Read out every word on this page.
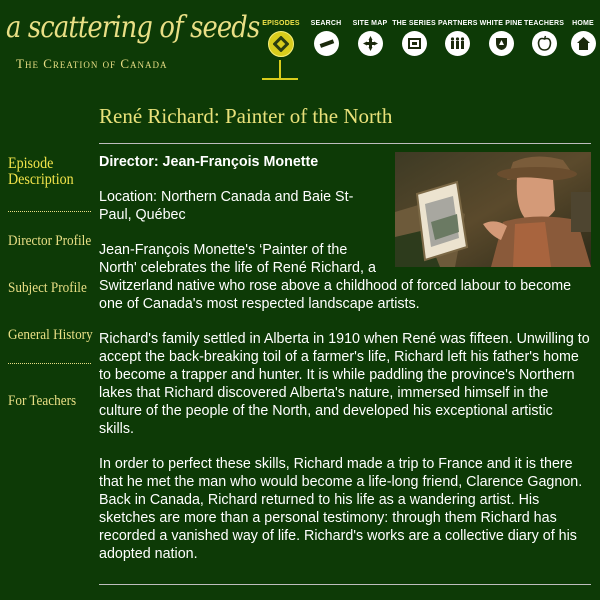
a scattering of seeds
The Creation of Canada
EPISODES	SEARCH	SITE MAP THE SERIES PARTNERS WHITE PINE TEACHERS	HOME
René Richard: Painter of the North
Episode Description
Director Profile
Subject Profile
General History
For Teachers

Director: Jean-François Monette

Location: Northern Canada and Baie St-Paul, Québec

Jean-François Monette's ‘Painter of the North' celebrates the life of René Richard, a Switzerland native who rose above a childhood of forced labour to become one of Canada's most respected landscape artists.

Richard's family settled in Alberta in 1910 when René was fifteen. Unwilling to accept the back-breaking toil of a farmer's life, Richard left his father's home to become a trapper and hunter. It is while paddling the province's Northern lakes that Richard discovered Alberta's nature, immersed himself in the culture of the people of the North, and developed his exceptional artistic skills.

In order to perfect these skills, Richard made a trip to France and it is there that he met the man who would become a life-long friend, Clarence Gagnon. Back in Canada, Richard returned to his life as a wandering artist. His sketches are more than a personal testimony: through them Richard has recorded a vanished way of life. Richard's works are a collective diary of his adopted nation.
